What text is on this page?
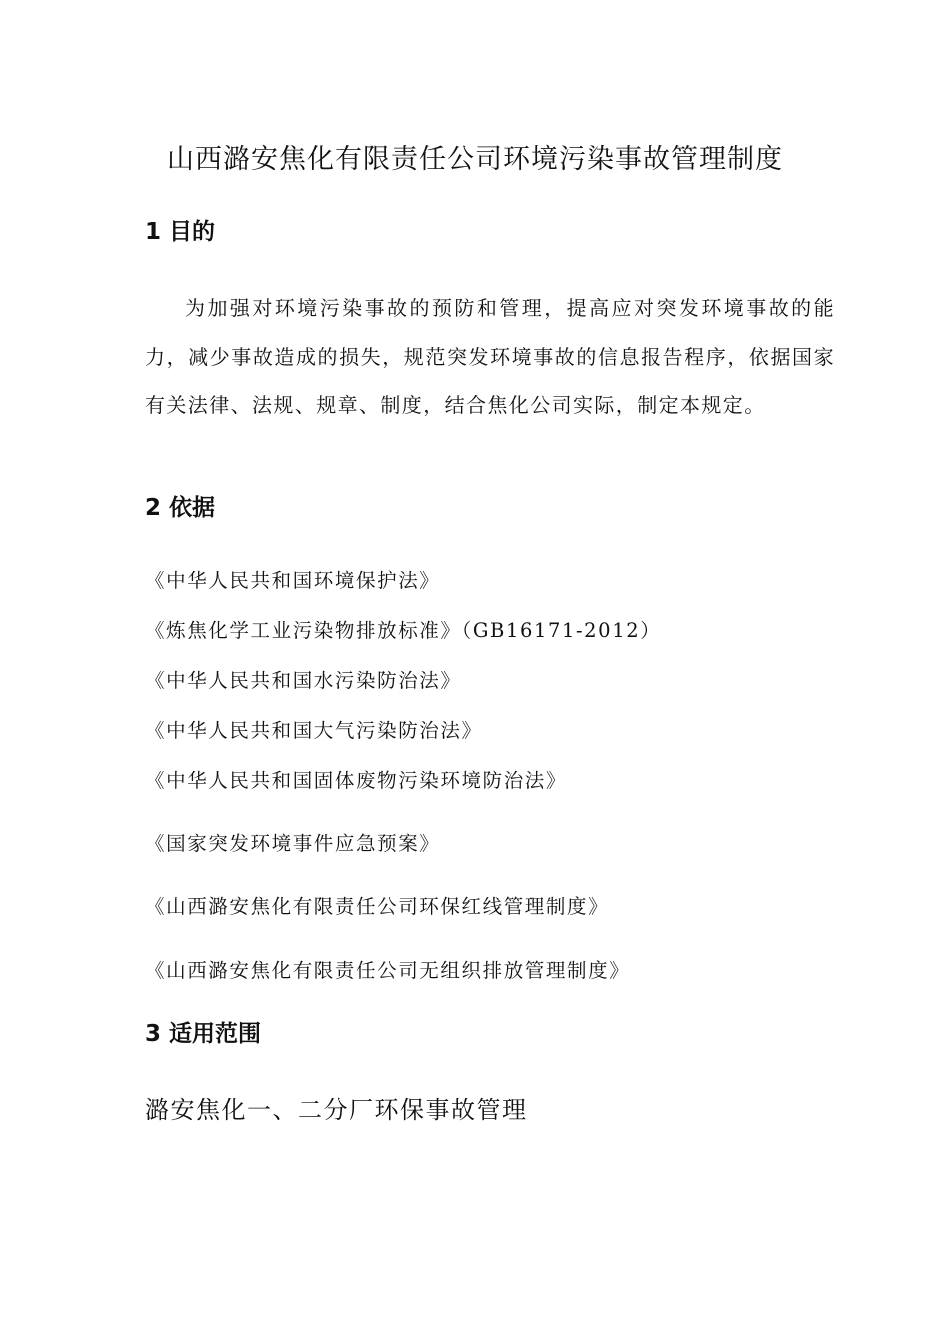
山西潞安焦化有限责任公司环境污染事故管理制度
1 目的
为加强对环境污染事故的预防和管理，提高应对突发环境事故的能力，减少事故造成的损失，规范突发环境事故的信息报告程序，依据国家有关法律、法规、规章、制度，结合焦化公司实际，制定本规定。
2 依据
《中华人民共和国环境保护法》
《炼焦化学工业污染物排放标准》（GB16171-2012）
《中华人民共和国水污染防治法》
《中华人民共和国大气污染防治法》
《中华人民共和国固体废物污染环境防治法》
《国家突发环境事件应急预案》
《山西潞安焦化有限责任公司环保红线管理制度》
《山西潞安焦化有限责任公司无组织排放管理制度》
3 适用范围
潞安焦化一、二分厂环保事故管理
